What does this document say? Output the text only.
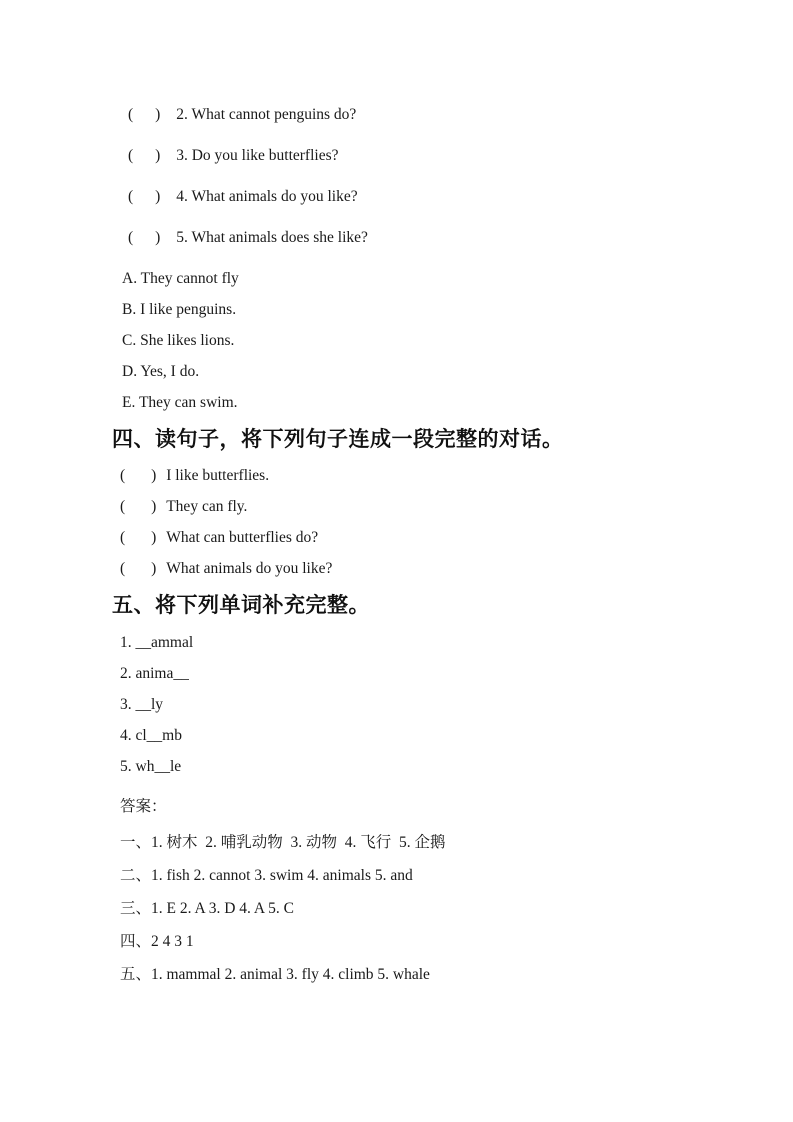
( ) 2. What cannot penguins do?
( ) 3. Do you like butterflies?
( ) 4. What animals do you like?
( ) 5. What animals does she like?
A. They cannot fly
B. I like penguins.
C. She likes lions.
D. Yes, I do.
E. They can swim.
四、读句子，将下列句子连成一段完整的对话。
( ) I like butterflies.
( ) They can fly.
( ) What can butterflies do?
( ) What animals do you like?
五、将下列单词补充完整。
1. __ammal
2. anima__
3. __ly
4. cl__mb
5. wh__le
答案：
一、1. 树木  2. 哺乳动物  3. 动物  4. 飞行  5. 企鹅
二、1. fish 2. cannot 3. swim 4. animals 5. and
三、1. E 2. A 3. D 4. A 5. C
四、2 4 3 1
五、1. mammal 2. animal 3. fly 4. climb 5. whale
